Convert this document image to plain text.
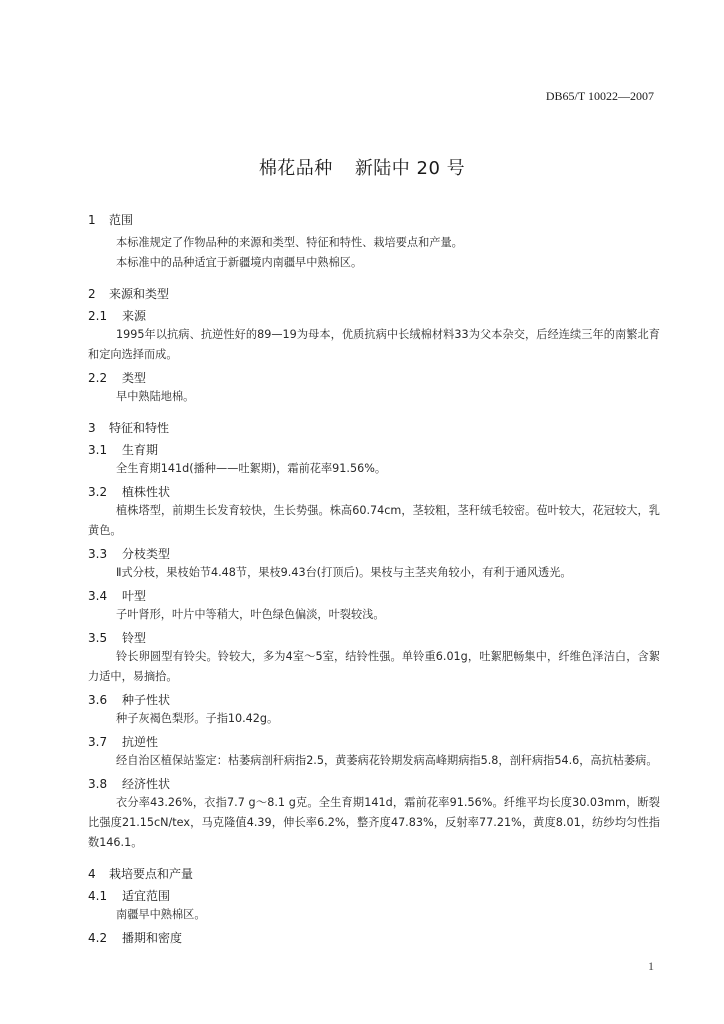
DB65/T 10022—2007
棉花品种 新陆中 20 号
1 范围
本标准规定了作物品种的来源和类型、特征和特性、栽培要点和产量。
本标准中的品种适宜于新疆境内南疆早中熟棉区。
2 来源和类型
2.1 来源
1995年以抗病、抗逆性好的89—19为母本，优质抗病中长绒棉材料33为父本杂交，后经连续三年的南繁北育和定向选择而成。
2.2 类型
早中熟陆地棉。
3 特征和特性
3.1 生育期
全生育期141d(播种——吐絮期)，霜前花率91.56%。
3.2 植株性状
植株塔型，前期生长发育较快，生长势强。株高60.74cm，茎较粗，茎秆绒毛较密。苞叶较大，花冠较大，乳黄色。
3.3 分枝类型
Ⅱ式分枝，果枝始节4.48节，果枝9.43台(打顶后)。果枝与主茎夹角较小，有利于通风透光。
3.4 叶型
子叶肾形，叶片中等稍大，叶色绿色偏淡，叶裂较浅。
3.5 铃型
铃长卵圆型有铃尖。铃较大，多为4室～5室，结铃性强。单铃重6.01g，吐絮肥畅集中，纤维色泽洁白，含絮力适中，易摘拾。
3.6 种子性状
种子灰褐色梨形。子指10.42g。
3.7 抗逆性
经自治区植保站鉴定：枯萎病剖秆病指2.5，黄萎病花铃期发病高峰期病指5.8，剖秆病指54.6，高抗枯萎病。
3.8 经济性状
衣分率43.26%，衣指7.7 g～8.1 g克。全生育期141d，霜前花率91.56%。纤维平均长度30.03mm，断裂比强度21.15cN/tex，马克隆值4.39，伸长率6.2%，整齐度47.83%，反射率77.21%，黄度8.01，纺纱均匀性指数146.1。
4 栽培要点和产量
4.1 适宜范围
南疆早中熟棉区。
4.2 播期和密度
1
